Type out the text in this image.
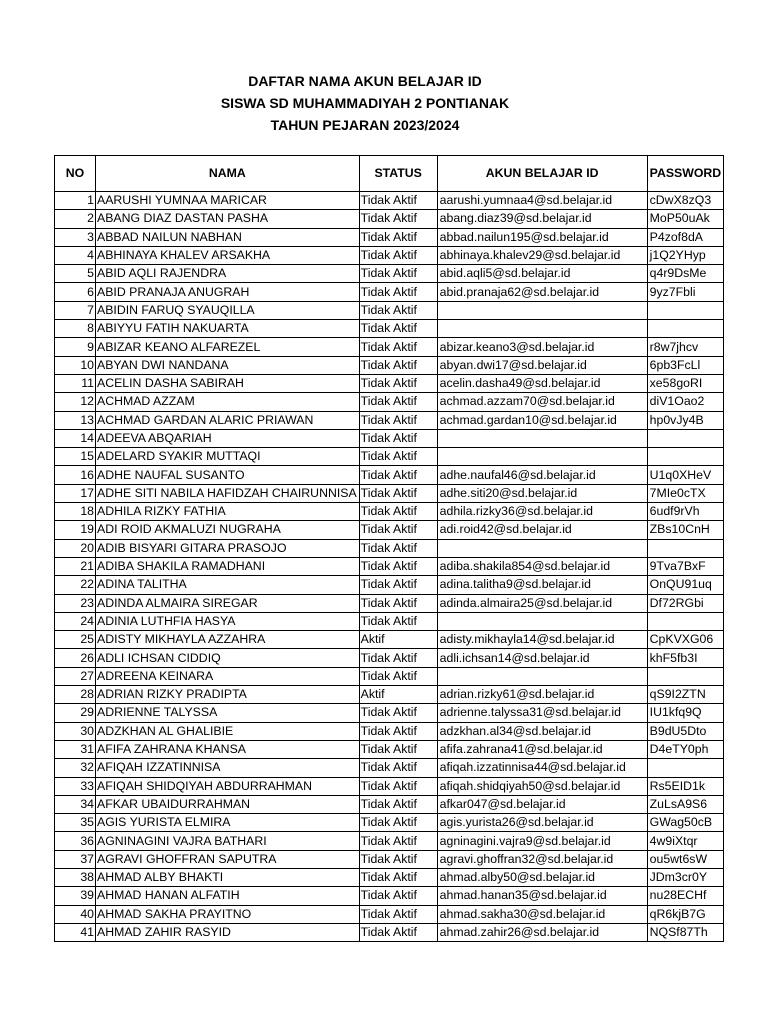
DAFTAR NAMA AKUN BELAJAR ID
SISWA SD MUHAMMADIYAH 2 PONTIANAK
TAHUN PEJARAN 2023/2024
NO	NAMA	STATUS	AKUN BELAJAR ID	PASSWORD
1	AARUSHI YUMNAA MARICAR	Tidak Aktif	aarushi.yumnaa4@sd.belajar.id	cDwX8zQ3
2	ABANG DIAZ DASTAN PASHA	Tidak Aktif	abang.diaz39@sd.belajar.id	MoP50uAk
3	ABBAD NAILUN NABHAN	Tidak Aktif	abbad.nailun195@sd.belajar.id	P4zof8dA
4	ABHINAYA KHALEV ARSAKHA	Tidak Aktif	abhinaya.khalev29@sd.belajar.id	j1Q2YHyp
5	ABID AQLI RAJENDRA	Tidak Aktif	abid.aqli5@sd.belajar.id	q4r9DsMe
6	ABID PRANAJA ANUGRAH	Tidak Aktif	abid.pranaja62@sd.belajar.id	9yz7Fbli
7	ABIDIN FARUQ SYAUQILLA	Tidak Aktif		
8	ABIYYU FATIH NAKUARTA	Tidak Aktif		
9	ABIZAR KEANO ALFAREZEL	Tidak Aktif	abizar.keano3@sd.belajar.id	r8w7jhcv
10	ABYAN DWI NANDANA	Tidak Aktif	abyan.dwi17@sd.belajar.id	6pb3FcLl
11	ACELIN DASHA SABIRAH	Tidak Aktif	acelin.dasha49@sd.belajar.id	xe58goRI
12	ACHMAD AZZAM	Tidak Aktif	achmad.azzam70@sd.belajar.id	diV1Oao2
13	ACHMAD GARDAN ALARIC PRIAWAN	Tidak Aktif	achmad.gardan10@sd.belajar.id	hp0vJy4B
14	ADEEVA ABQARIAH	Tidak Aktif		
15	ADELARD SYAKIR MUTTAQI	Tidak Aktif		
16	ADHE NAUFAL SUSANTO	Tidak Aktif	adhe.naufal46@sd.belajar.id	U1q0XHeV
17	ADHE SITI NABILA HAFIDZAH CHAIRUNNISA	Tidak Aktif	adhe.siti20@sd.belajar.id	7MIe0cTX
18	ADHILA RIZKY FATHIA	Tidak Aktif	adhila.rizky36@sd.belajar.id	6udf9rVh
19	ADI ROID AKMALUZI NUGRAHA	Tidak Aktif	adi.roid42@sd.belajar.id	ZBs10CnH
20	ADIB BISYARI GITARA PRASOJO	Tidak Aktif		
21	ADIBA SHAKILA RAMADHANI	Tidak Aktif	adiba.shakila854@sd.belajar.id	9Tva7BxF
22	ADINA TALITHA	Tidak Aktif	adina.talitha9@sd.belajar.id	OnQU91uq
23	ADINDA ALMAIRA SIREGAR	Tidak Aktif	adinda.almaira25@sd.belajar.id	Df72RGbi
24	ADINIA LUTHFIA HASYA	Tidak Aktif		
25	ADISTY MIKHAYLA AZZAHRA	Aktif	adisty.mikhayla14@sd.belajar.id	CpKVXG06
26	ADLI ICHSAN CIDDIQ	Tidak Aktif	adli.ichsan14@sd.belajar.id	khF5fb3I
27	ADREENA KEINARA	Tidak Aktif		
28	ADRIAN RIZKY PRADIPTA	Aktif	adrian.rizky61@sd.belajar.id	qS9I2ZTN
29	ADRIENNE TALYSSA	Tidak Aktif	adrienne.talyssa31@sd.belajar.id	IU1kfq9Q
30	ADZKHAN AL GHALIBIE	Tidak Aktif	adzkhan.al34@sd.belajar.id	B9dU5Dto
31	AFIFA ZAHRANA KHANSA	Tidak Aktif	afifa.zahrana41@sd.belajar.id	D4eTY0ph
32	AFIQAH IZZATINNISA	Tidak Aktif	afiqah.izzatinnisa44@sd.belajar.id	
33	AFIQAH SHIDQIYAH ABDURRAHMAN	Tidak Aktif	afiqah.shidqiyah50@sd.belajar.id	Rs5EID1k
34	AFKAR UBAIDURRAHMAN	Tidak Aktif	afkar047@sd.belajar.id	ZuLsA9S6
35	AGIS YURISTA ELMIRA	Tidak Aktif	agis.yurista26@sd.belajar.id	GWag50cB
36	AGNINAGINI VAJRA BATHARI	Tidak Aktif	agninagini.vajra9@sd.belajar.id	4w9iXtqr
37	AGRAVI GHOFFRAN SAPUTRA	Tidak Aktif	agravi.ghoffran32@sd.belajar.id	ou5wt6sW
38	AHMAD ALBY BHAKTI	Tidak Aktif	ahmad.alby50@sd.belajar.id	JDm3cr0Y
39	AHMAD HANAN ALFATIH	Tidak Aktif	ahmad.hanan35@sd.belajar.id	nu28ECHf
40	AHMAD SAKHA PRAYITNO	Tidak Aktif	ahmad.sakha30@sd.belajar.id	qR6kjB7G
41	AHMAD ZAHIR RASYID	Tidak Aktif	ahmad.zahir26@sd.belajar.id	NQSf87Th
